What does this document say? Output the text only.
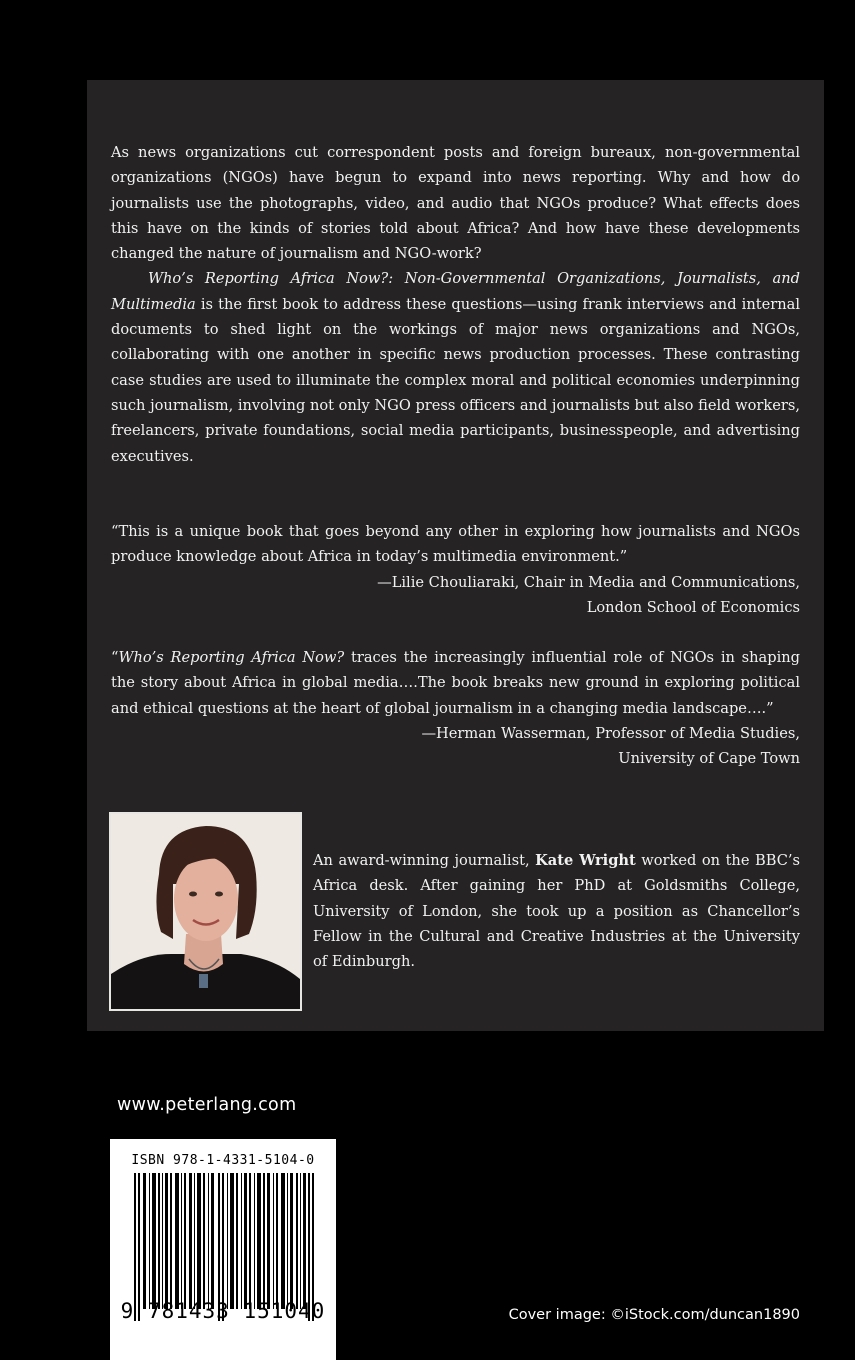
As news organizations cut correspondent posts and foreign bureaux, non-governmental organizations (NGOs) have begun to expand into news reporting. Why and how do journalists use the photographs, video, and audio that NGOs produce? What effects does this have on the kinds of stories told about Africa? And how have these developments changed the nature of journalism and NGO-work?

Who’s Reporting Africa Now?: Non-Governmental Organizations, Journalists, and Multimedia is the first book to address these questions—using frank interviews and internal documents to shed light on the workings of major news organizations and NGOs, collaborating with one another in specific news production processes. These contrasting case studies are used to illuminate the complex moral and political economies underpinning such journalism, involving not only NGO press officers and journalists but also field workers, freelancers, private foundations, social media participants, businesspeople, and advertising executives.

“This is a unique book that goes beyond any other in exploring how journalists and NGOs produce knowledge about Africa in today’s multimedia environment.”

—Lilie Chouliaraki, Chair in Media and Communications,

London School of Economics

“Who’s Reporting Africa Now? traces the increasingly influential role of NGOs in shaping the story about Africa in global media….The book breaks new ground in exploring political and ethical questions at the heart of global journalism in a changing media landscape….”

—Herman Wasserman, Professor of Media Studies,

University of Cape Town

An award-winning journalist, Kate Wright worked on the BBC’s Africa desk. After gaining her PhD at Goldsmiths College, University of London, she took up a position as Chancellor’s Fellow in the Cultural and Creative Industries at the University of Edinburgh.

www.peterlang.com
ISBN 978-1-4331-5104-0
9 781433 151040	Cover image: ©iStock.com/duncan1890
